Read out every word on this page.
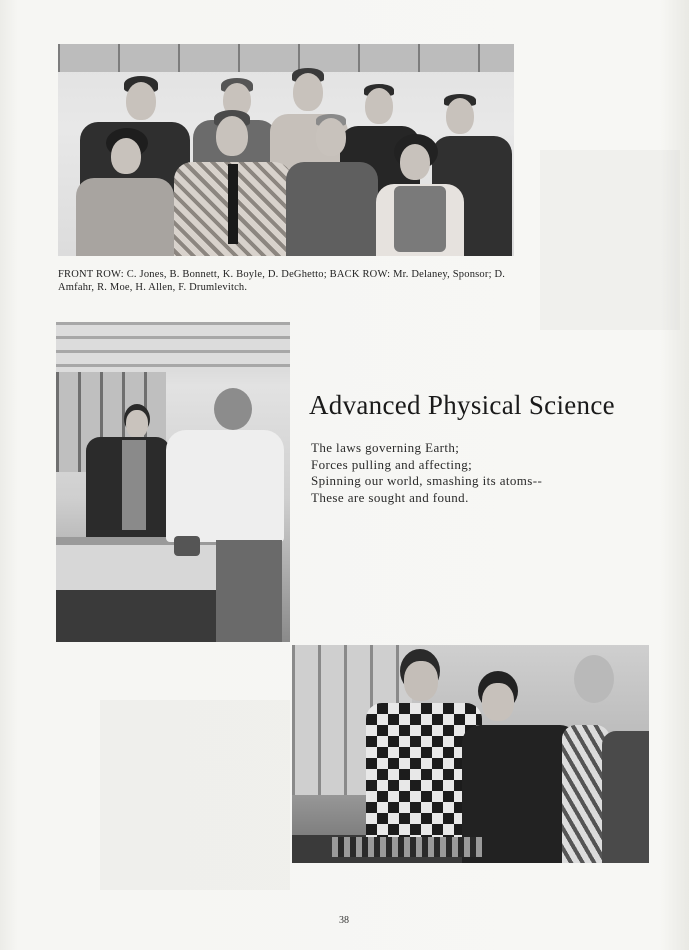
FRONT ROW: C. Jones, B. Bonnett, K. Boyle, D. DeGhetto; BACK ROW: Mr. Delaney, Sponsor; D. Amfahr, R. Moe, H. Allen, F. Drumlevitch.
Advanced Physical Science
The laws governing Earth;
Forces pulling and affecting;
Spinning our world, smashing its atoms--
These are sought and found.
38
